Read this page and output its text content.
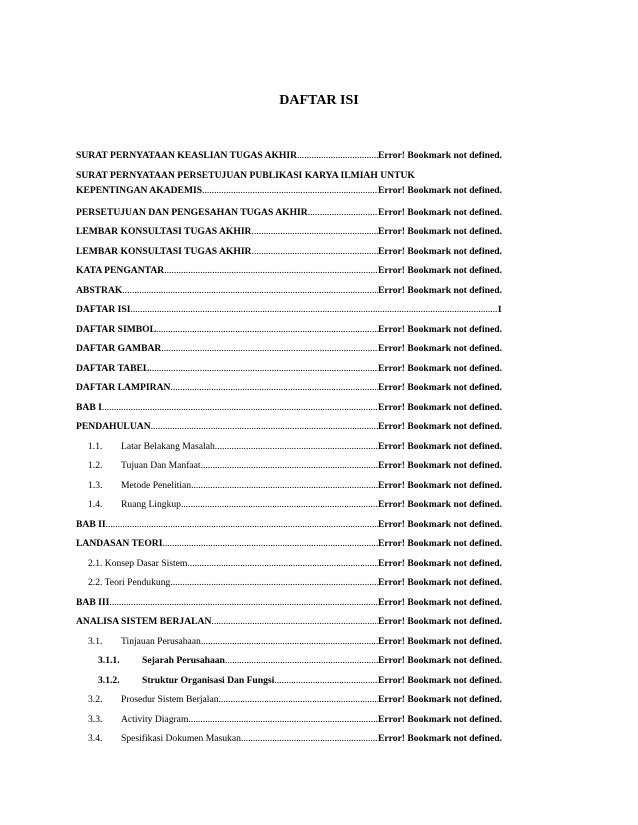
DAFTAR ISI
SURAT PERNYATAAN KEASLIAN TUGAS AKHIR .....	Error! Bookmark not defined.
SURAT PERNYATAAN PERSETUJUAN PUBLIKASI KARYA ILMIAH UNTUK
KEPENTINGAN AKADEMIS .....	Error! Bookmark not defined.
PERSETUJUAN DAN PENGESAHAN TUGAS AKHIR .....	Error! Bookmark not defined.
LEMBAR KONSULTASI TUGAS AKHIR .....	Error! Bookmark not defined.
LEMBAR KONSULTASI TUGAS AKHIR .....	Error! Bookmark not defined.
KATA PENGANTAR .....	Error! Bookmark not defined.
ABSTRAK .....	Error! Bookmark not defined.
DAFTAR ISI .....	1
DAFTAR SIMBOL .....	Error! Bookmark not defined.
DAFTAR GAMBAR .....	Error! Bookmark not defined.
DAFTAR TABEL .....	Error! Bookmark not defined.
DAFTAR LAMPIRAN .....	Error! Bookmark not defined.
BAB I .....	Error! Bookmark not defined.
PENDAHULUAN .....	Error! Bookmark not defined.
1.1.	Latar Belakang Masalah .....	Error! Bookmark not defined.
1.2.	Tujuan Dan Manfaat .....	Error! Bookmark not defined.
1.3.	Metode Penelitian .....	Error! Bookmark not defined.
1.4.	Ruang Lingkup .....	Error! Bookmark not defined.
BAB II .....	Error! Bookmark not defined.
LANDASAN TEORI .....	Error! Bookmark not defined.
2.1. Konsep Dasar Sistem .....	Error! Bookmark not defined.
2.2. Teori Pendukung .....	Error! Bookmark not defined.
BAB III .....	Error! Bookmark not defined.
ANALISA SISTEM BERJALAN .....	Error! Bookmark not defined.
3.1.	Tinjauan Perusahaan .....	Error! Bookmark not defined.
3.1.1.	Sejarah Perusahaan .....	Error! Bookmark not defined.
3.1.2.	Struktur Organisasi Dan Fungsi .....	Error! Bookmark not defined.
3.2.	Prosedur Sistem Berjalan .....	Error! Bookmark not defined.
3.3.	Activity Diagram .....	Error! Bookmark not defined.
3.4.	Spesifikasi Dokumen Masukan .....	Error! Bookmark not defined.
